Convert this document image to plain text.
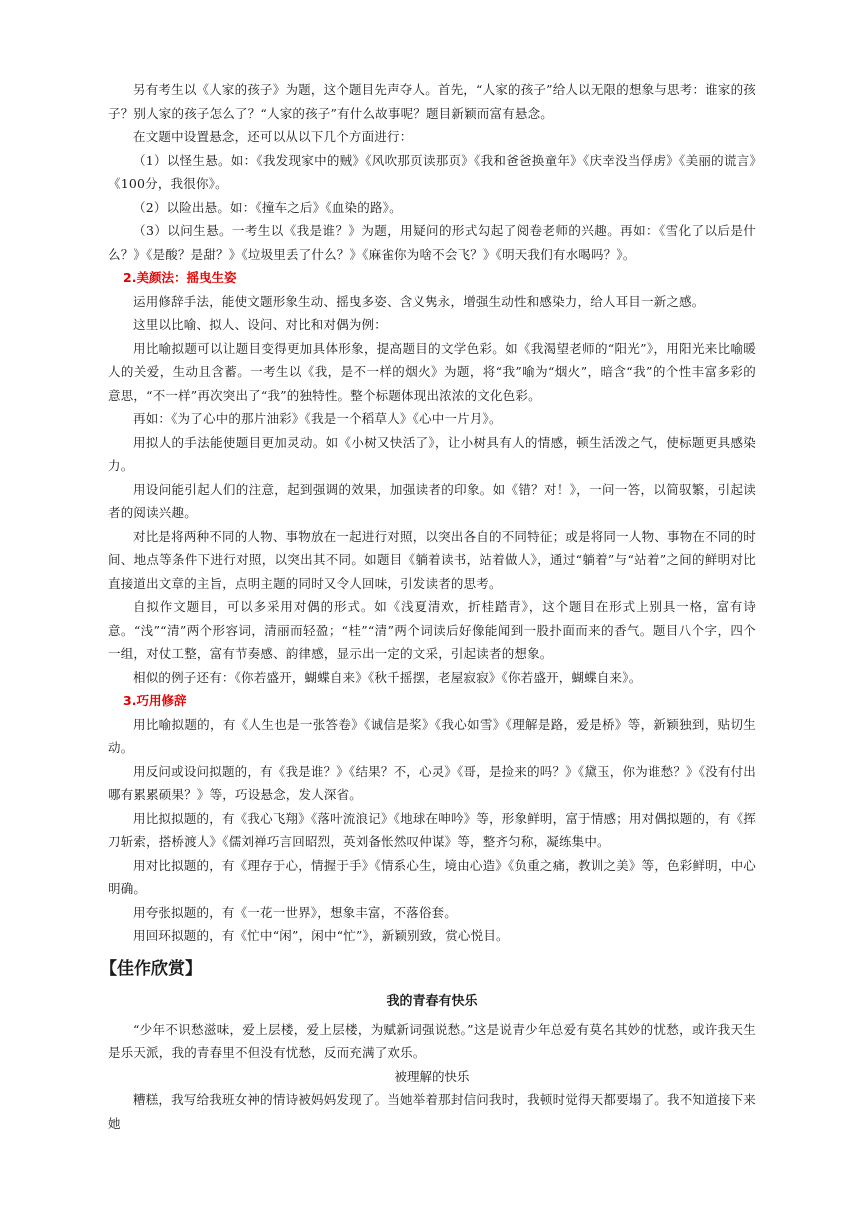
另有考生以《人家的孩子》为题，这个题目先声夺人。首先，“人家的孩子”给人以无限的想象与思考：谁家的孩子？别人家的孩子怎么了？“人家的孩子”有什么故事呢？题目新颖而富有悬念。

在文题中设置悬念，还可以从以下几个方面进行：

（1）以怪生悬。如：《我发现家中的贼》《风吹那页读那页》《我和爸爸换童年》《庆幸没当俘虏》《美丽的谎言》《100分，我很你》。

（2）以险出悬。如：《撞车之后》《血染的路》。

（3）以问生悬。一考生以《我是谁？》为题，用疑问的形式勾起了阅卷老师的兴趣。再如：《雪化了以后是什么？》《是酸？是甜？》《垃圾里丢了什么？》《麻雀你为啥不会飞？》《明天我们有水喝吗？》。

2.美颜法：摇曳生姿

运用修辞手法，能使文题形象生动、摇曳多姿、含义隽永，增强生动性和感染力，给人耳目一新之感。

这里以比喻、拟人、设问、对比和对偶为例：

用比喻拟题可以让题目变得更加具体形象，提高题目的文学色彩。如《我渴望老师的“阳光”》，用阳光来比喻暖人的关爱，生动且含蓄。一考生以《我，是不一样的烟火》为题，将“我”喻为“烟火”，暗含“我”的个性丰富多彩的意思，“不一样”再次突出了“我”的独特性。整个标题体现出浓浓的文化色彩。

再如：《为了心中的那片油彩》《我是一个稻草人》《心中一片月》。

用拟人的手法能使题目更加灵动。如《小树又快活了》，让小树具有人的情感，顿生活泼之气，使标题更具感染力。

用设问能引起人们的注意，起到强调的效果，加强读者的印象。如《错？对！》，一问一答，以简驭繁，引起读者的阅读兴趣。

对比是将两种不同的人物、事物放在一起进行对照，以突出各自的不同特征；或是将同一人物、事物在不同的时间、地点等条件下进行对照，以突出其不同。如题目《躺着读书，站着做人》，通过“躺着”与“站着”之间的鲜明对比直接道出文章的主旨，点明主题的同时又令人回味，引发读者的思考。

自拟作文题目，可以多采用对偶的形式。如《浅夏清欢，折桂踏青》，这个题目在形式上别具一格，富有诗意。“浅”“清”两个形容词，清丽而轻盈；“桂”“清”两个词读后好像能闻到一股扑面而来的香气。题目八个字，四个一组，对仗工整，富有节奏感、韵律感，显示出一定的文采，引起读者的想象。

相似的例子还有：《你若盛开，蝴蝶自来》《秋千摇摆，老屋寂寂》《你若盛开，蝴蝶自来》。

3.巧用修辞

用比喻拟题的，有《人生也是一张答卷》《诚信是桨》《我心如雪》《理解是路，爱是桥》等，新颖独到，贴切生动。

用反问或设问拟题的，有《我是谁？》《结果？不，心灵》《哥，是捡来的吗？》《黛玉，你为谁愁？》《没有付出哪有累累硕果？》等，巧设悬念，发人深省。

用比拟拟题的，有《我心飞翔》《落叶流浪记》《地球在呻吟》等，形象鲜明，富于情感；用对偶拟题的，有《挥刀斩索，搭桥渡人》《儒刘禅巧言回昭烈，英刘备怅然叹仲谋》等，整齐匀称，凝练集中。

用对比拟题的，有《理存于心，情握于手》《情系心生，境由心造》《负重之痛，教训之美》等，色彩鲜明，中心明确。

用夸张拟题的，有《一花一世界》，想象丰富，不落俗套。

用回环拟题的，有《忙中“闲”，闲中“忙”》，新颖别致，赏心悦目。

【佳作欣赏】
我的青春有快乐

“少年不识愁滋味，爱上层楼，爱上层楼，为赋新词强说愁。”这是说青少年总爱有莫名其妙的忧愁，或许我天生是乐天派，我的青春里不但没有忧愁，反而充满了欢乐。

被理解的快乐

糟糕，我写给我班女神的情诗被妈妈发现了。当她举着那封信问我时，我顿时觉得天都要塌了。我不知道接下来她
